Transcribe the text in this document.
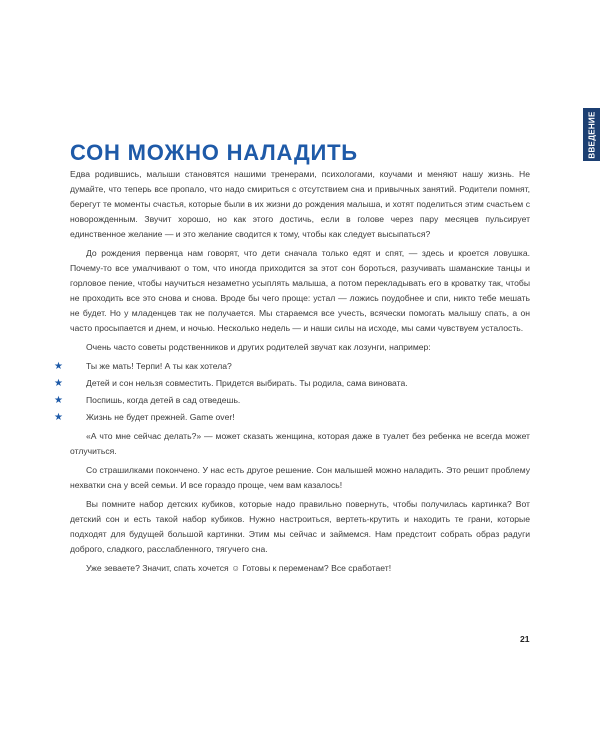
ВВЕДЕНИЕ
СОН МОЖНО НАЛАДИТЬ

Едва родившись, малыши становятся нашими тренерами, психологами, коучами и меняют нашу жизнь. Не думайте, что теперь все пропало, что надо смириться с отсутствием сна и привычных занятий. Родители помнят, берегут те моменты счастья, которые были в их жизни до рождения малыша, и хотят поделиться этим счастьем с новорожденным. Звучит хорошо, но как этого достичь, если в голове через пару месяцев пульсирует единственное желание — и это желание сводится к тому, чтобы как следует высыпаться?

До рождения первенца нам говорят, что дети сначала только едят и спят, — здесь и кроется ловушка. Почему-то все умалчивают о том, что иногда приходится за этот сон бороться, разучивать шаманские танцы и горловое пение, чтобы научиться незаметно усыплять малыша, а потом перекладывать его в кроватку так, чтобы не проходить все это снова и снова. Вроде бы чего проще: устал — ложись поудобнее и спи, никто тебе мешать не будет. Но у младенцев так не получается. Мы стараемся все учесть, всячески помогать малышу спать, а он часто просыпается и днем, и ночью. Несколько недель — и наши силы на исходе, мы сами чувствуем усталость.

Очень часто советы родственников и других родителей звучат как лозунги, например:

★	Ты же мать! Терпи! А ты как хотела?
★	Детей и сон нельзя совместить. Придется выбирать. Ты родила, сама виновата.
★	Поспишь, когда детей в сад отведешь.
★	Жизнь не будет прежней. Game over!

«А что мне сейчас делать?» — может сказать женщина, которая даже в туалет без ребенка не всегда может отлучиться.

Со страшилками покончено. У нас есть другое решение. Сон малышей можно наладить. Это решит проблему нехватки сна у всей семьи. И все гораздо проще, чем вам казалось!

Вы помните набор детских кубиков, которые надо правильно повернуть, чтобы получилась картинка? Вот детский сон и есть такой набор кубиков. Нужно настроиться, вертеть-крутить и находить те грани, которые подходят для будущей большой картинки. Этим мы сейчас и займемся. Нам предстоит собрать образ радуги доброго, сладкого, расслабленного, тягучего сна.

Уже зеваете? Значит, спать хочется ☺ Готовы к переменам? Все сработает!

21
